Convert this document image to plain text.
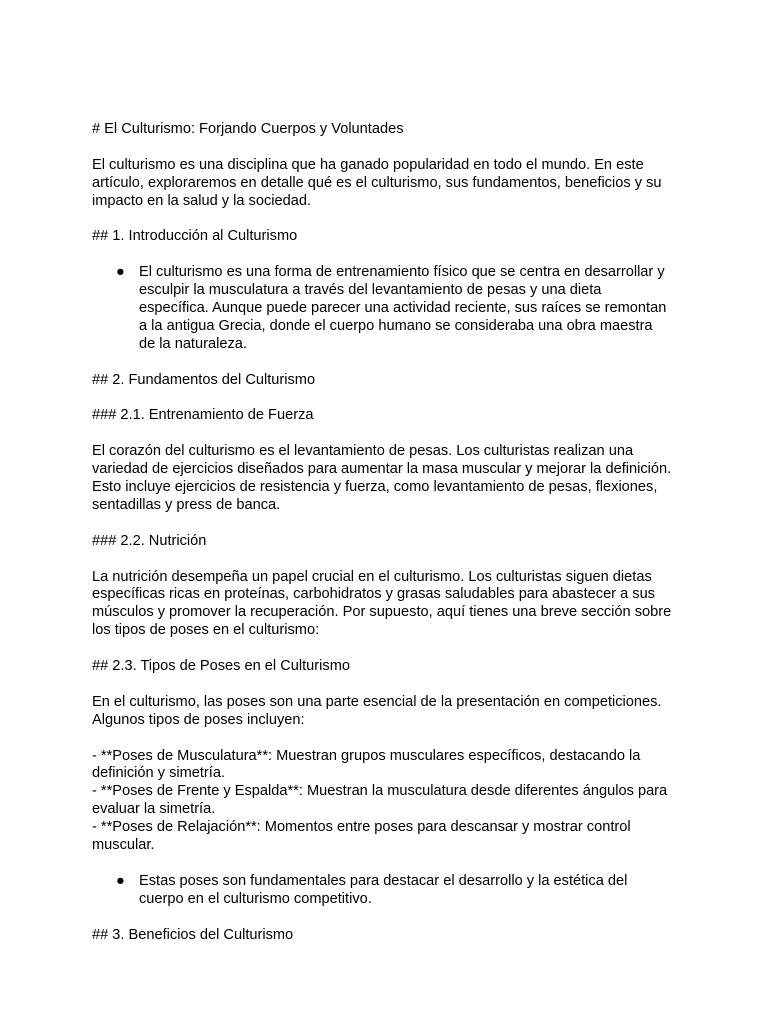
# El Culturismo: Forjando Cuerpos y Voluntades

El culturismo es una disciplina que ha ganado popularidad en todo el mundo. En este artículo, exploraremos en detalle qué es el culturismo, sus fundamentos, beneficios y su impacto en la salud y la sociedad.

## 1. Introducción al Culturismo

● El culturismo es una forma de entrenamiento físico que se centra en desarrollar y esculpir la musculatura a través del levantamiento de pesas y una dieta específica. Aunque puede parecer una actividad reciente, sus raíces se remontan a la antigua Grecia, donde el cuerpo humano se consideraba una obra maestra de la naturaleza.

## 2. Fundamentos del Culturismo

### 2.1. Entrenamiento de Fuerza

El corazón del culturismo es el levantamiento de pesas. Los culturistas realizan una variedad de ejercicios diseñados para aumentar la masa muscular y mejorar la definición. Esto incluye ejercicios de resistencia y fuerza, como levantamiento de pesas, flexiones, sentadillas y press de banca.

### 2.2. Nutrición

La nutrición desempeña un papel crucial en el culturismo. Los culturistas siguen dietas específicas ricas en proteínas, carbohidratos y grasas saludables para abastecer a sus músculos y promover la recuperación. Por supuesto, aquí tienes una breve sección sobre los tipos de poses en el culturismo:

## 2.3. Tipos de Poses en el Culturismo

En el culturismo, las poses son una parte esencial de la presentación en competiciones. Algunos tipos de poses incluyen:

- **Poses de Musculatura**: Muestran grupos musculares específicos, destacando la definición y simetría.

- **Poses de Frente y Espalda**: Muestran la musculatura desde diferentes ángulos para evaluar la simetría.

- **Poses de Relajación**: Momentos entre poses para descansar y mostrar control muscular.

● Estas poses son fundamentales para destacar el desarrollo y la estética del cuerpo en el culturismo competitivo.

## 3. Beneficios del Culturismo
